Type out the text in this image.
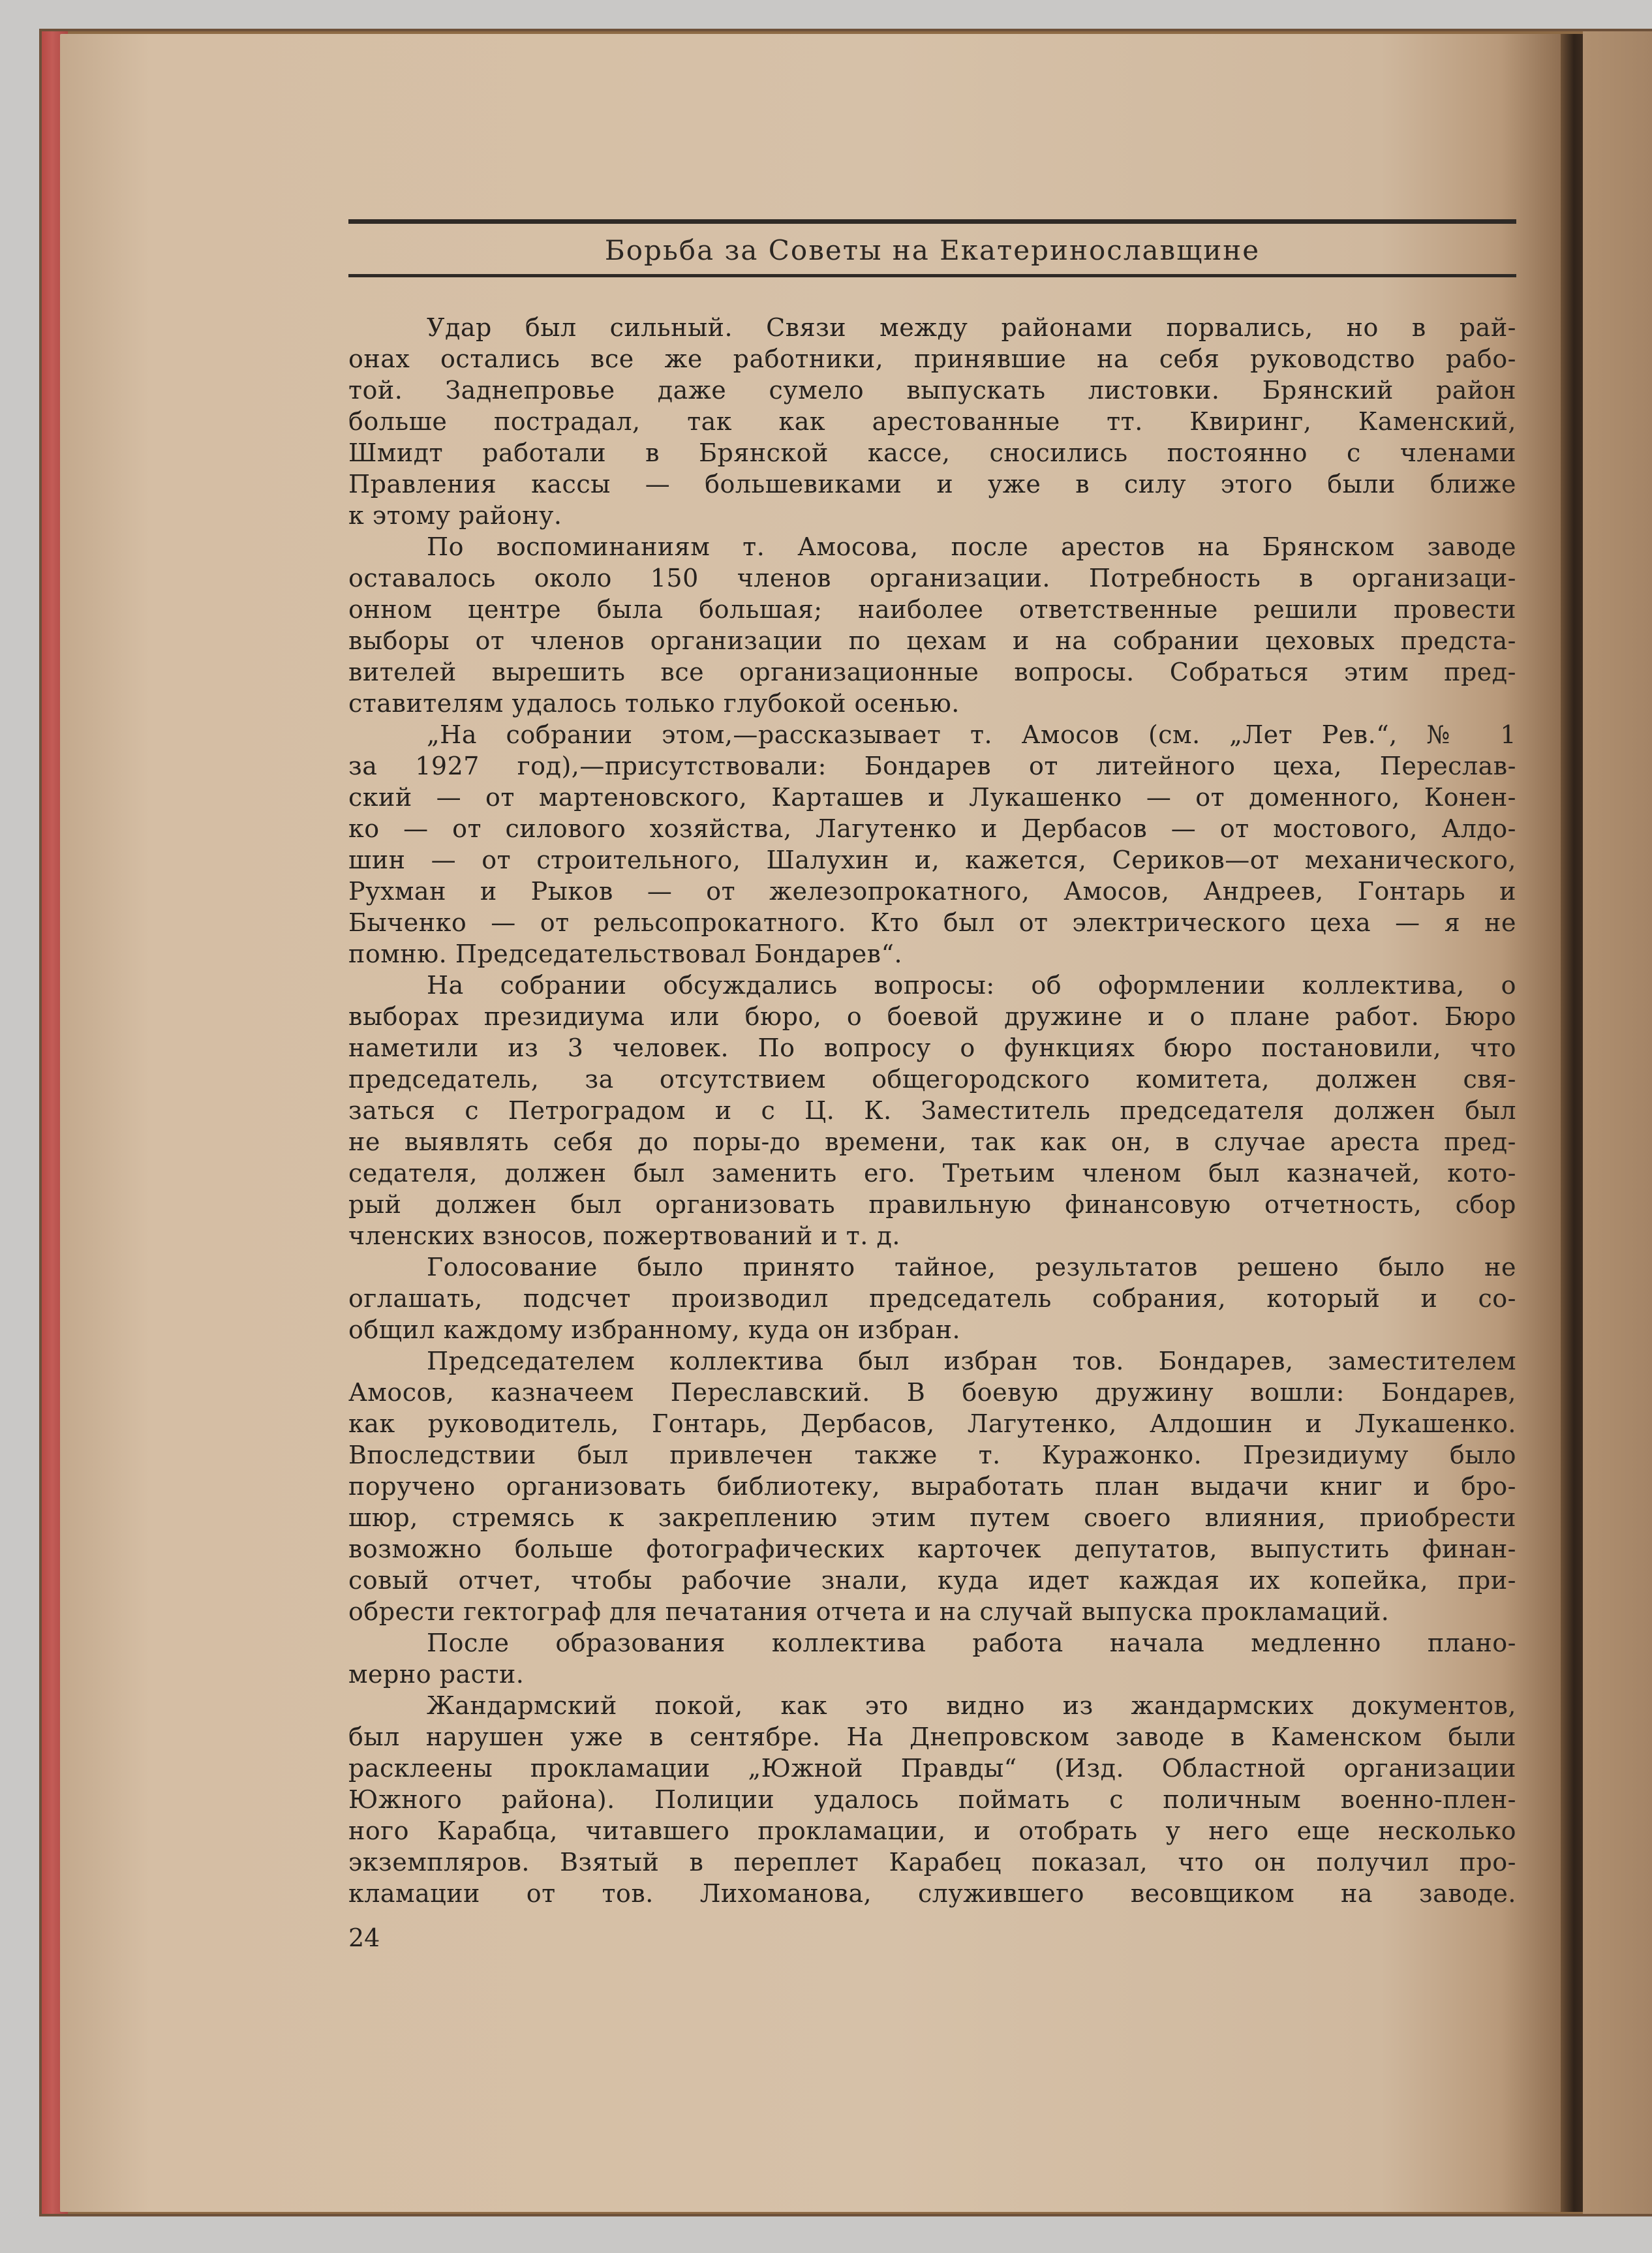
Борьба за Советы на Екатеринославщине
Удар был сильный. Связи между районами порвались, но в рай-
онах остались все же работники, принявшие на себя руководство рабо-
той. Заднепровье даже сумело выпускать листовки. Брянский район
больше пострадал, так как арестованные тт. Квиринг, Каменский,
Шмидт работали в Брянской кассе, сносились постоянно с членами
Правления кассы — большевиками и уже в силу этого были ближе
к этому району.
По воспоминаниям т. Амосова, после арестов на Брянском заводе
оставалось около 150 членов организации. Потребность в организаци-
онном центре была большая; наиболее ответственные решили провести
выборы от членов организации по цехам и на собрании цеховых предста-
вителей вырешить все организационные вопросы. Собраться этим пред-
ставителям удалось только глубокой осенью.
„На собрании этом,—рассказывает т. Амосов (см. „Лет Рев.“, № 1
за 1927 год),—присутствовали: Бондарев от литейного цеха, Переслав-
ский — от мартеновского, Карташев и Лукашенко — от доменного, Конен-
ко — от силового хозяйства, Лагутенко и Дербасов — от мостового, Алдо-
шин — от строительного, Шалухин и, кажется, Сериков—от механического,
Рухман и Рыков — от железопрокатного, Амосов, Андреев, Гонтарь и
Быченко — от рельсопрокатного. Кто был от электрического цеха — я не
помню. Председательствовал Бондарев“.
На собрании обсуждались вопросы: об оформлении коллектива, о
выборах президиума или бюро, о боевой дружине и о плане работ. Бюро
наметили из 3 человек. По вопросу о функциях бюро постановили, что
председатель, за отсутствием общегородского комитета, должен свя-
заться с Петроградом и с Ц. К. Заместитель председателя должен был
не выявлять себя до поры-до времени, так как он, в случае ареста пред-
седателя, должен был заменить его. Третьим членом был казначей, кото-
рый должен был организовать правильную финансовую отчетность, сбор
членских взносов, пожертвований и т. д.
Голосование было принято тайное, результатов решено было не
оглашать, подсчет производил председатель собрания, который и со-
общил каждому избранному, куда он избран.
Председателем коллектива был избран тов. Бондарев, заместителем
Амосов, казначеем Переславский. В боевую дружину вошли: Бондарев,
как руководитель, Гонтарь, Дербасов, Лагутенко, Алдошин и Лукашенко.
Впоследствии был привлечен также т. Куражонко. Президиуму было
поручено организовать библиотеку, выработать план выдачи книг и бро-
шюр, стремясь к закреплению этим путем своего влияния, приобрести
возможно больше фотографических карточек депутатов, выпустить финан-
совый отчет, чтобы рабочие знали, куда идет каждая их копейка, при-
обрести гектограф для печатания отчета и на случай выпуска прокламаций.
После образования коллектива работа начала медленно плано-
мерно расти.
Жандармский покой, как это видно из жандармских документов,
был нарушен уже в сентябре. На Днепровском заводе в Каменском были
расклеены прокламации „Южной Правды“ (Изд. Областной организации
Южного района). Полиции удалось поймать с поличным военно-плен-
ного Карабца, читавшего прокламации, и отобрать у него еще несколько
экземпляров. Взятый в переплет Карабец показал, что он получил про-
кламации от тов. Лихоманова, служившего весовщиком на заводе.
24
